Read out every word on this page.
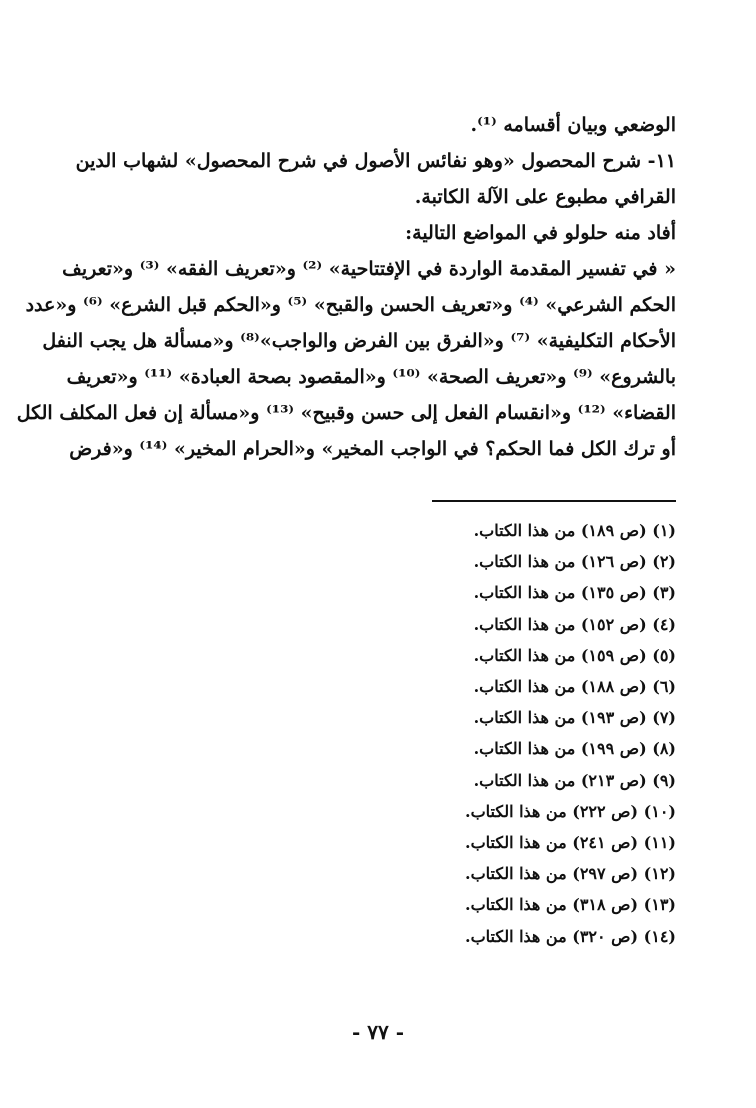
الوضعي وبيان أقسامه ⁽¹⁾.
١١- شرح المحصول «وهو نفائس الأصول في شرح المحصول» لشهاب الدين
القرافي مطبوع على الآلة الكاتبة.
أفاد منه حلولو في المواضع التالية:
« في تفسير المقدمة الواردة في الإفتتاحية» ⁽²⁾ و«تعريف الفقه» ⁽³⁾ و«تعريف
الحكم الشرعي» ⁽⁴⁾ و«تعريف الحسن والقبح» ⁽⁵⁾ و«الحكم قبل الشرع» ⁽⁶⁾ و«عدد
الأحكام التكليفية» ⁽⁷⁾ و«الفرق بين الفرض والواجب»⁽⁸⁾ و«مسألة هل يجب النفل
بالشروع» ⁽⁹⁾ و«تعريف الصحة» ⁽¹⁰⁾ و«المقصود بصحة العبادة» ⁽¹¹⁾ و«تعريف
القضاء» ⁽¹²⁾ و«انقسام الفعل إلى حسن وقبيح» ⁽¹³⁾ و«مسألة إن فعل المكلف الكل
أو ترك الكل فما الحكم؟ في الواجب المخير» و«الحرام المخير» ⁽¹⁴⁾ و«فرض
(١) (ص ١٨٩) من هذا الكتاب.
(٢) (ص ١٢٦) من هذا الكتاب.
(٣) (ص ١٣٥) من هذا الكتاب.
(٤) (ص ١٥٢) من هذا الكتاب.
(٥) (ص ١٥٩) من هذا الكتاب.
(٦) (ص ١٨٨) من هذا الكتاب.
(٧) (ص ١٩٣) من هذا الكتاب.
(٨) (ص ١٩٩) من هذا الكتاب.
(٩) (ص ٢١٣) من هذا الكتاب.
(١٠) (ص ٢٢٢) من هذا الكتاب.
(١١) (ص ٢٤١) من هذا الكتاب.
(١٢) (ص ٢٩٧) من هذا الكتاب.
(١٣) (ص ٣١٨) من هذا الكتاب.
(١٤) (ص ٣٢٠) من هذا الكتاب.
- ٧٧ -
